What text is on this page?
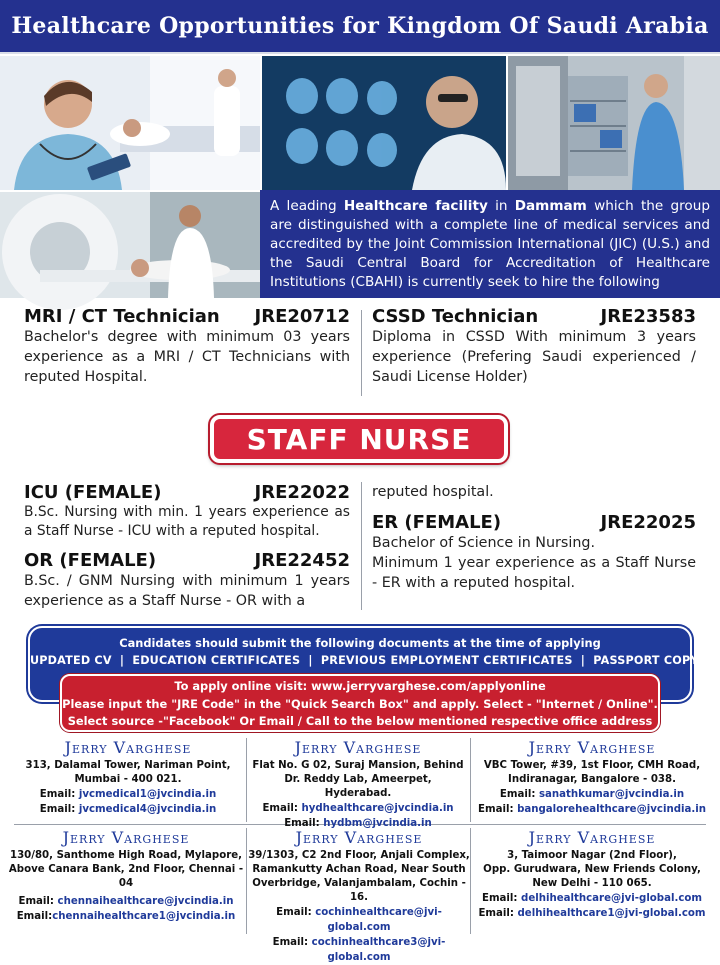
Healthcare Opportunities for Kingdom Of Saudi Arabia
A leading Healthcare facility in Dammam which the group are distinguished with a complete line of medical services and accredited by the Joint Commission International (JIC) (U.S.) and the Saudi Central Board for Accreditation of Healthcare Institutions (CBAHI) is currently seek to hire the following
MRI / CT Technician JRE20712
Bachelor's degree with minimum 03 years experience as a MRI / CT Technicians with reputed Hospital.
CSSD Technician	JRE23583
Diploma in CSSD With minimum 3 years experience (Prefering Saudi experienced / Saudi License Holder)
STAFF NURSE
ICU (FEMALE)	JRE22022
B.Sc. Nursing with min. 1 years experience as a Staff Nurse - ICU with a reputed hospital.
OR (FEMALE)	JRE22452
B.Sc. / GNM Nursing with minimum 1 years experience as a Staff Nurse - OR with a
reputed hospital.
ER (FEMALE)	JRE22025
Bachelor of Science in Nursing.
Minimum 1 year experience as a Staff Nurse - ER with a reputed hospital.
Candidates should submit the following documents at the time of applying
UPDATED CV  |  EDUCATION CERTIFICATES  |  PREVIOUS EMPLOYMENT CERTIFICATES  |  PASSPORT COPY
To apply online visit: www.jerryvarghese.com/applyonline
Please input the "JRE Code" in the "Quick Search Box" and apply. Select - "Internet / Online".
Select source -"Facebook" Or Email / Call to the below mentioned respective office address
Jerry Varghese
313, Dalamal Tower, Nariman Point,
Mumbai - 400 021.
Email: jvcmedical1@jvcindia.in
Email: jvcmedical4@jvcindia.in
Jerry Varghese
Flat No. G 02, Suraj Mansion, Behind
Dr. Reddy Lab, Ameerpet, Hyderabad.
Email: hydhealthcare@jvcindia.in
Email: hydbm@jvcindia.in
Jerry Varghese
VBC Tower, #39, 1st Floor, CMH Road,
Indiranagar, Bangalore - 038.
Email: sanathkumar@jvcindia.in
Email: bangalorehealthcare@jvcindia.in
Jerry Varghese
130/80, Santhome High Road, Mylapore,
Above Canara Bank, 2nd Floor, Chennai - 04
Email: chennaihealthcare@jvcindia.in
Email:chennaihealthcare1@jvcindia.in
Jerry Varghese
39/1303, C2 2nd Floor, Anjali Complex,
Ramankutty Achan Road, Near South
Overbridge, Valanjambalam, Cochin - 16.
Email: cochinhealthcare@jvi-global.com
Email: cochinhealthcare3@jvi-global.com
Jerry Varghese
3, Taimoor Nagar (2nd Floor),
Opp. Gurudwara, New Friends Colony,
New Delhi - 110 065.
Email: delhihealthcare@jvi-global.com
Email: delhihealthcare1@jvi-global.com
